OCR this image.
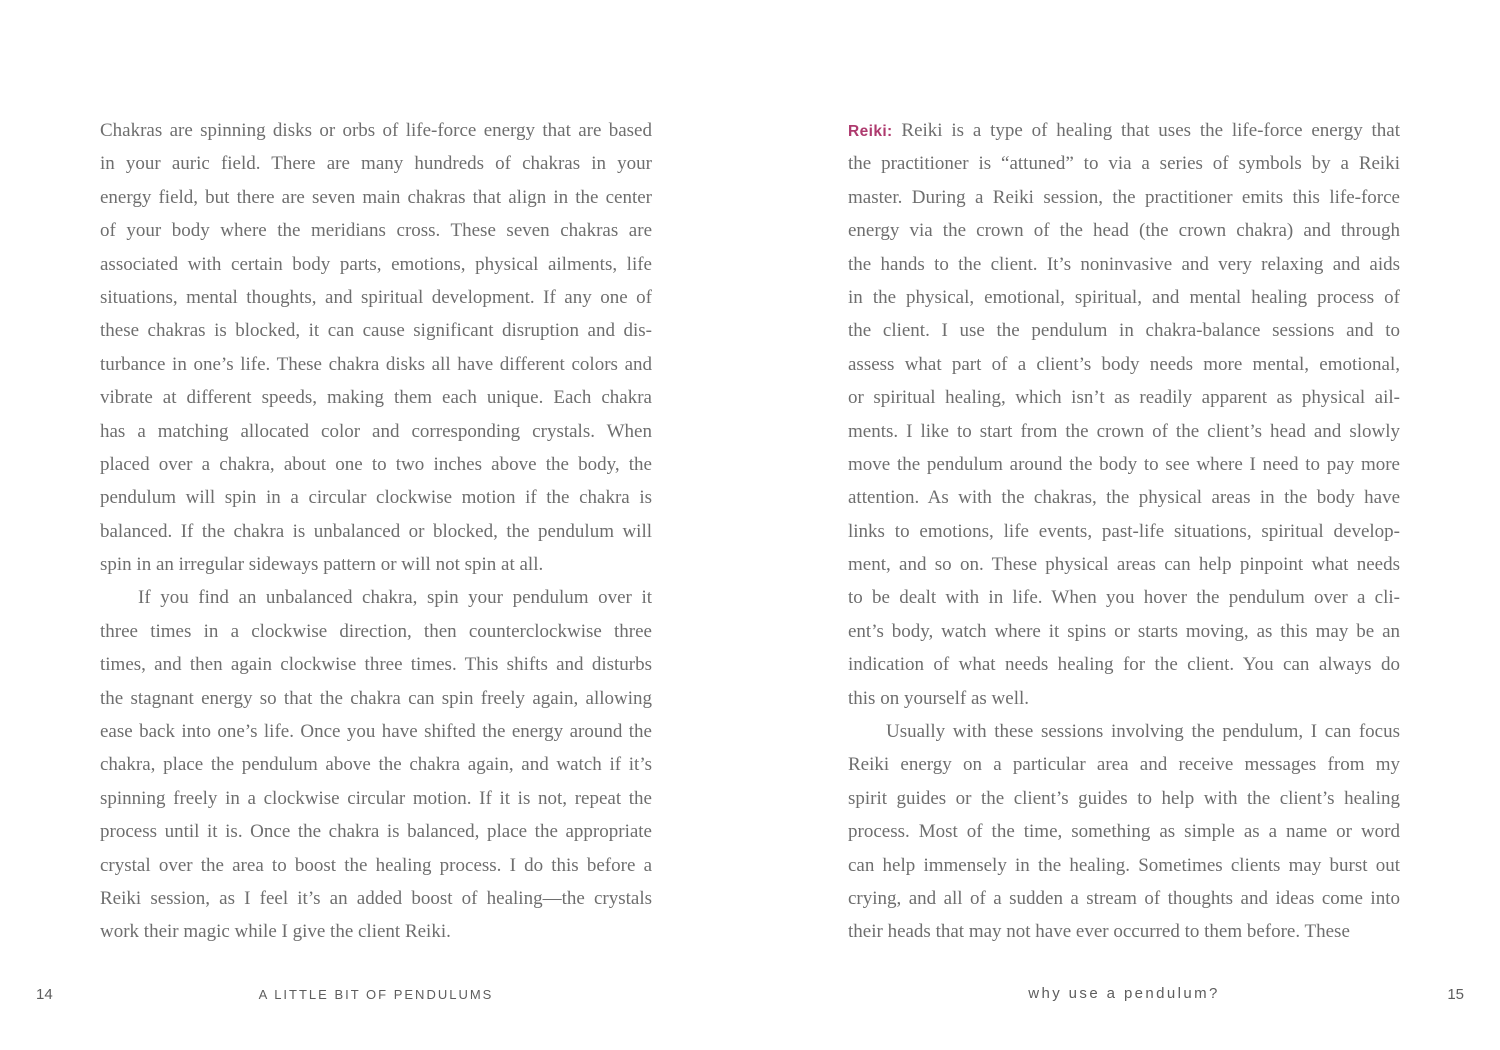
Chakras are spinning disks or orbs of life-force energy that are based
in your auric field. There are many hundreds of chakras in your
energy field, but there are seven main chakras that align in the center
of your body where the meridians cross. These seven chakras are
associated with certain body parts, emotions, physical ailments, life
situations, mental thoughts, and spiritual development. If any one of
these chakras is blocked, it can cause significant disruption and dis-
turbance in one’s life. These chakra disks all have different colors and
vibrate at different speeds, making them each unique. Each chakra
has a matching allocated color and corresponding crystals. When
placed over a chakra, about one to two inches above the body, the
pendulum will spin in a circular clockwise motion if the chakra is
balanced. If the chakra is unbalanced or blocked, the pendulum will
spin in an irregular sideways pattern or will not spin at all.
If you find an unbalanced chakra, spin your pendulum over it
three times in a clockwise direction, then counterclockwise three
times, and then again clockwise three times. This shifts and disturbs
the stagnant energy so that the chakra can spin freely again, allowing
ease back into one’s life. Once you have shifted the energy around the
chakra, place the pendulum above the chakra again, and watch if it’s
spinning freely in a clockwise circular motion. If it is not, repeat the
process until it is. Once the chakra is balanced, place the appropriate
crystal over the area to boost the healing process. I do this before a
Reiki session, as I feel it’s an added boost of healing—the crystals
work their magic while I give the client Reiki.
Reiki: Reiki is a type of healing that uses the life-force energy that
the practitioner is “attuned” to via a series of symbols by a Reiki
master. During a Reiki session, the practitioner emits this life-force
energy via the crown of the head (the crown chakra) and through
the hands to the client. It’s noninvasive and very relaxing and aids
in the physical, emotional, spiritual, and mental healing process of
the client. I use the pendulum in chakra-balance sessions and to
assess what part of a client’s body needs more mental, emotional,
or spiritual healing, which isn’t as readily apparent as physical ail-
ments. I like to start from the crown of the client’s head and slowly
move the pendulum around the body to see where I need to pay more
attention. As with the chakras, the physical areas in the body have
links to emotions, life events, past-life situations, spiritual develop-
ment, and so on. These physical areas can help pinpoint what needs
to be dealt with in life. When you hover the pendulum over a cli-
ent’s body, watch where it spins or starts moving, as this may be an
indication of what needs healing for the client. You can always do
this on yourself as well.
Usually with these sessions involving the pendulum, I can focus
Reiki energy on a particular area and receive messages from my
spirit guides or the client’s guides to help with the client’s healing
process. Most of the time, something as simple as a name or word
can help immensely in the healing. Sometimes clients may burst out
crying, and all of a sudden a stream of thoughts and ideas come into
their heads that may not have ever occurred to them before. These
14	A LITTLE BIT OF PENDULUMS	why use a pendulum?	15
